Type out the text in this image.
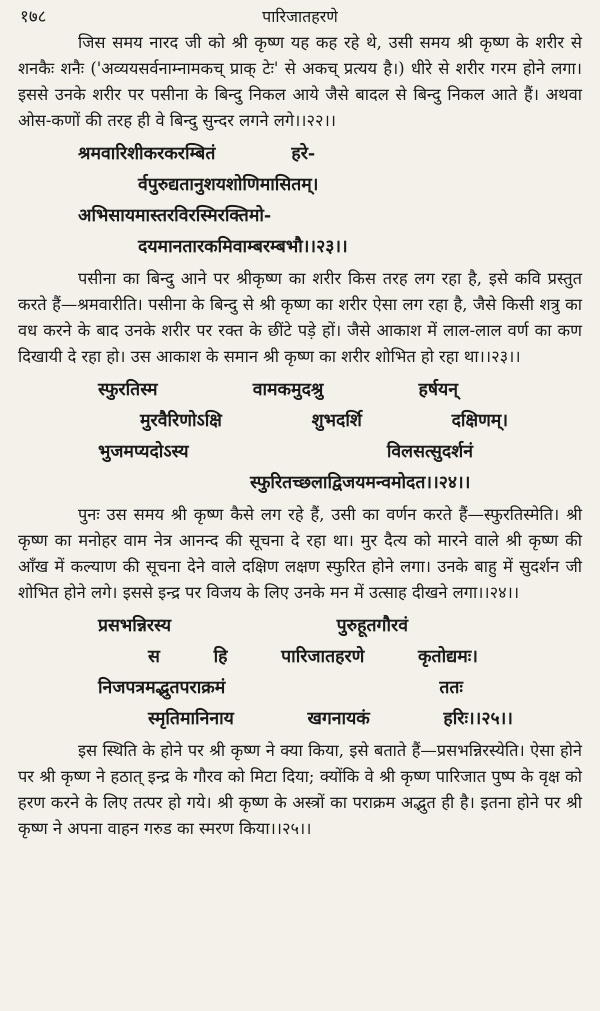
१७८	पारिजातहरणे

जिस समय नारद जी को श्री कृष्ण यह कह रहे थे, उसी समय श्री कृष्ण के शरीर से शनकैः शनैः ('अव्ययसर्वनाम्नामकच् प्राक् टेः' से अकच् प्रत्यय है।) धीरे से शरीर गरम होने लगा। इससे उनके शरीर पर पसीना के बिन्दु निकल आये जैसे बादल से बिन्दु निकल आते हैं। अथवा ओस-कणों की तरह ही वे बिन्दु सुन्दर लगने लगे।।२२।।

श्रमवारिशीकरकरम्बितं	हरे-
र्वपुरुद्यतानुशयशोणिमासितम्।
अभिसायमास्तरविरस्मिरक्तिमो-
दयमानतारकमिवाम्बरम्बभौ।।२३।।

पसीना का बिन्दु आने पर श्रीकृष्ण का शरीर किस तरह लग रहा है, इसे कवि प्रस्तुत करते हैं—श्रमवारीति। पसीना के बिन्दु से श्री कृष्ण का शरीर ऐसा लग रहा है, जैसे किसी शत्रु का वध करने के बाद उनके शरीर पर रक्त के छींटे पड़े हों। जैसे आकाश में लाल-लाल वर्ण का कण दिखायी दे रहा हो। उस आकाश के समान श्री कृष्ण का शरीर शोभित हो रहा था।।२३।।

स्फुरतिस्म	वामकमुदश्रु	हर्षयन्
मुरवैरिणोऽक्षि	शुभदर्शि	दक्षिणम्।
भुजमप्यदोऽस्य	विलसत्सुदर्शनं
स्फुरितच्छलाद्विजयमन्वमोदत।।२४।।

पुनः उस समय श्री कृष्ण कैसे लग रहे हैं, उसी का वर्णन करते हैं—स्फुरतिस्मेति। श्री कृष्ण का मनोहर वाम नेत्र आनन्द की सूचना दे रहा था। मुर दैत्य को मारने वाले श्री कृष्ण की आँख में कल्याण की सूचना देने वाले दक्षिण लक्षण स्फुरित होने लगा। उनके बाहु में सुदर्शन जी शोभित होने लगे। इससे इन्द्र पर विजय के लिए उनके मन में उत्साह दीखने लगा।।२४।।

प्रसभन्निरस्य	पुरुहूतगौरवं
स	हि	पारिजातहरणे	कृतोद्यमः।
निजपत्रमद्भुतपराक्रमं	ततः
स्मृतिमानिनाय	खगनायकं	हरिः।।२५।।

इस स्थिति के होने पर श्री कृष्ण ने क्या किया, इसे बताते हैं—प्रसभन्निरस्येति। ऐसा होने पर श्री कृष्ण ने हठात् इन्द्र के गौरव को मिटा दिया; क्योंकि वे श्री कृष्ण पारिजात पुष्प के वृक्ष को हरण करने के लिए तत्पर हो गये। श्री कृष्ण के अस्त्रों का पराक्रम अद्भुत ही है। इतना होने पर श्री कृष्ण ने अपना वाहन गरुड का स्मरण किया।।२५।।
